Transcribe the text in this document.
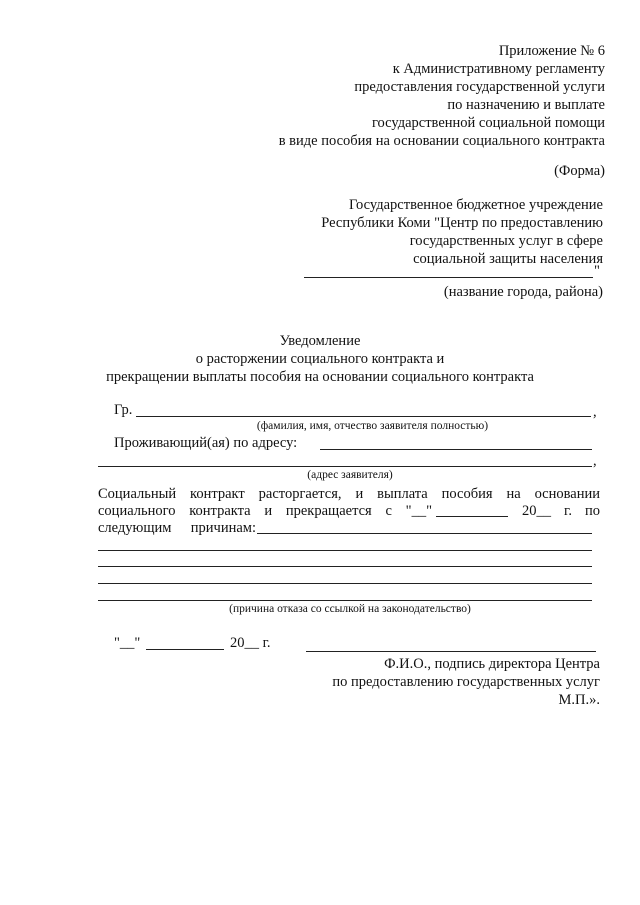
Приложение № 6
к Административному регламенту
предоставления государственной услуги
по назначению и выплате
государственной социальной помощи
в виде пособия на основании социального контракта
(Форма)
Государственное бюджетное учреждение
Республики Коми "Центр по предоставлению
государственных услуг в сфере
социальной защиты населения
"
(название города, района)
Уведомление
о расторжении социального контракта и
прекращении выплаты пособия на основании социального контракта
Гр.	,
(фамилия, имя, отчество заявителя полностью)
Проживающий(ая) по адресу:
,
(адрес заявителя)
Социальный контракт расторгается, и выплата пособия на основании
социального контракта и прекращается с "__"	20__ г. по
следующим причинам:
(причина отказа со ссылкой на законодательство)
"__"	20__ г.
Ф.И.О., подпись директора Центра
по предоставлению государственных услуг
М.П.».
